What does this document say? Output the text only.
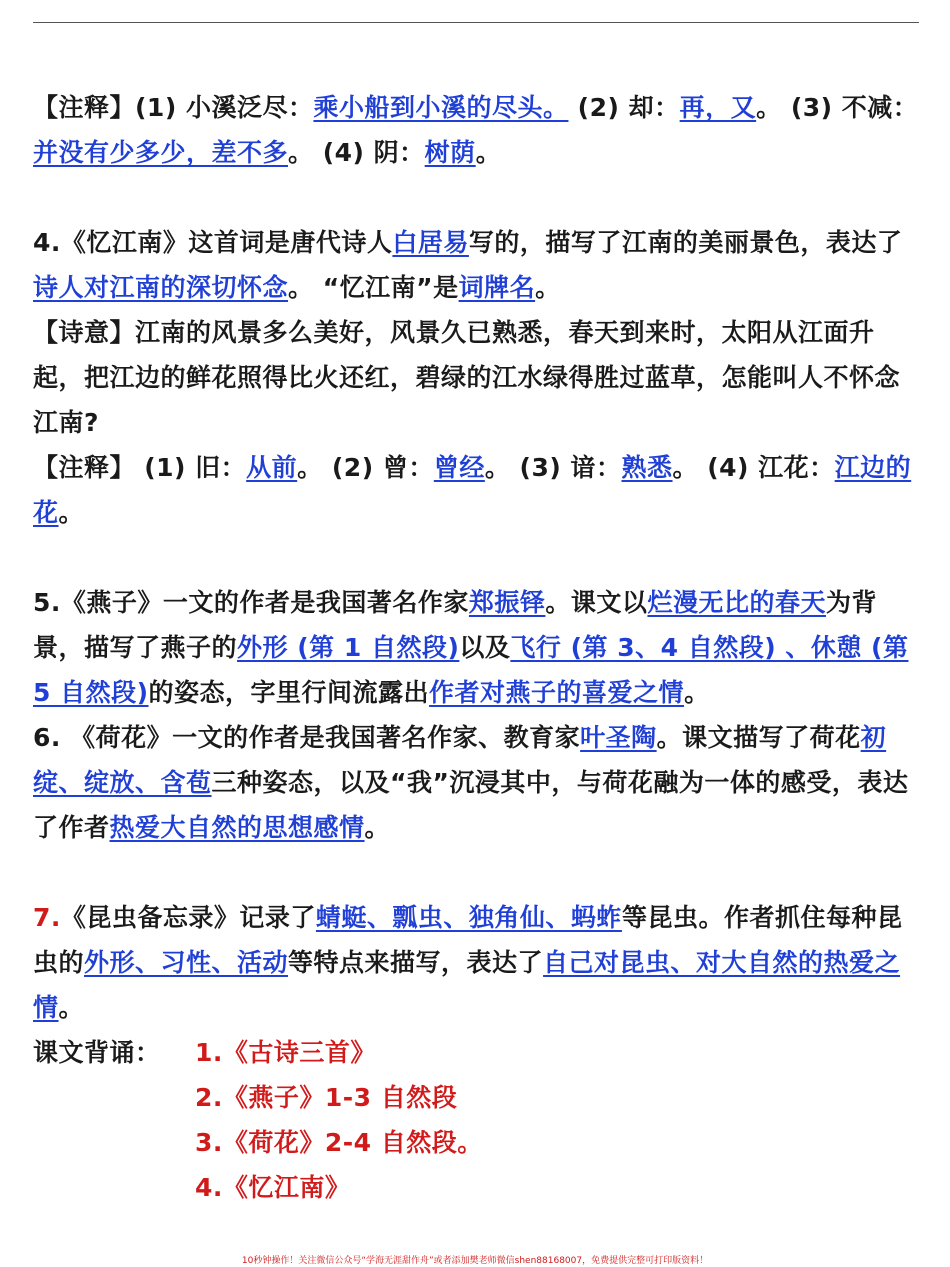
【注释】(1) 小溪泛尽：乘小船到小溪的尽头。 (2) 却：再，又。 (3) 不减：并没有少多少，差不多。 (4) 阴：树荫。

4.《忆江南》这首词是唐代诗人白居易写的，描写了江南的美丽景色，表达了诗人对江南的深切怀念。 “忆江南”是词牌名。

【诗意】江南的风景多么美好，风景久已熟悉，春天到来时，太阳从江面升起，把江边的鲜花照得比火还红，碧绿的江水绿得胜过蓝草，怎能叫人不怀念江南?

【注释】 (1) 旧：从前。 (2) 曾：曾经。 (3) 谙：熟悉。 (4) 江花：江边的花。

5.《燕子》一文的作者是我国著名作家郑振铎。课文以烂漫无比的春天为背景，描写了燕子的外形 (第 1 自然段)以及飞行 (第 3、4 自然段) 、休憩 (第 5 自然段)的姿态，字里行间流露出作者对燕子的喜爱之情。

6. 《荷花》一文的作者是我国著名作家、教育家叶圣陶。课文描写了荷花初绽、绽放、含苞三种姿态，以及“我”沉浸其中，与荷花融为一体的感受，表达了作者热爱大自然的思想感情。

7.《昆虫备忘录》记录了蜻蜓、瓢虫、独角仙、蚂蚱等昆虫。作者抓住每种昆虫的外形、习性、活动等特点来描写，表达了自己对昆虫、对大自然的热爱之情。

课文背诵： 1.《古诗三首》
2.《燕子》1-3 自然段
3.《荷花》2-4 自然段。
4.《忆江南》
10秒钟操作！关注微信公众号“学海无涯甜作舟”或者添加樊老师微信shen88168007，免费提供完整可打印版资料！
